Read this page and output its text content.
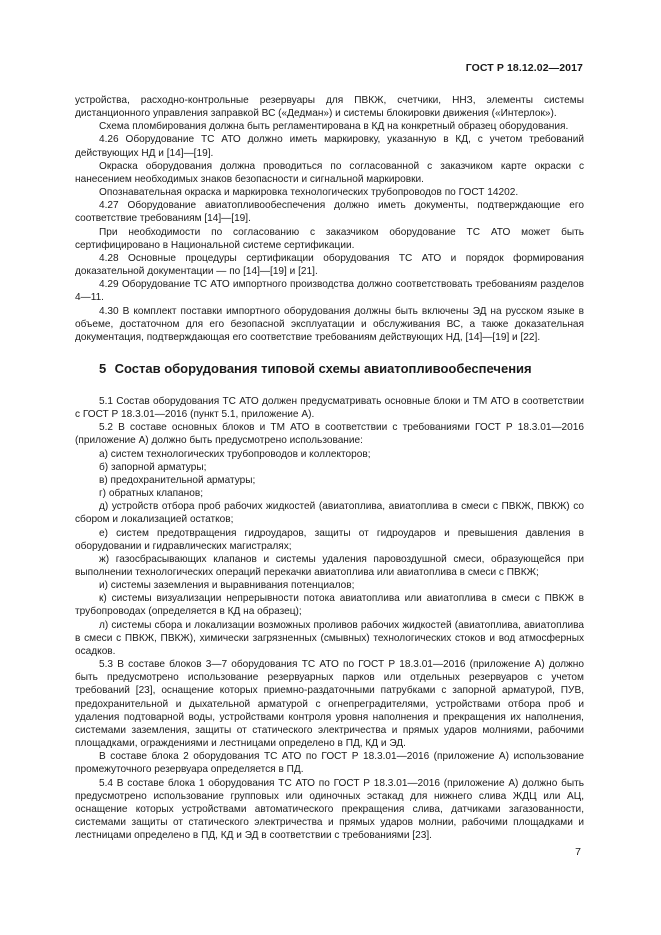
ГОСТ Р 18.12.02—2017

устройства, расходно-контрольные резервуары для ПВКЖ, счетчики, ННЗ, элементы системы дистанционного управления заправкой ВС («Дедман») и системы блокировки движения («Интерлок»).

Схема пломбирования должна быть регламентирована в КД на конкретный образец оборудования.

4.26 Оборудование ТС АТО должно иметь маркировку, указанную в КД, с учетом требований действующих НД и [14]—[19].

Окраска оборудования должна проводиться по согласованной с заказчиком карте окраски с нанесением необходимых знаков безопасности и сигнальной маркировки.

Опознавательная окраска и маркировка технологических трубопроводов по ГОСТ 14202.

4.27 Оборудование авиатопливообеспечения должно иметь документы, подтверждающие его соответствие требованиям [14]—[19].

При необходимости по согласованию с заказчиком оборудование ТС АТО может быть сертифицировано в Национальной системе сертификации.

4.28 Основные процедуры сертификации оборудования ТС АТО и порядок формирования доказательной документации — по [14]—[19] и [21].

4.29 Оборудование ТС АТО импортного производства должно соответствовать требованиям разделов 4—11.

4.30 В комплект поставки импортного оборудования должны быть включены ЭД на русском языке в объеме, достаточном для его безопасной эксплуатации и обслуживания ВС, а также доказательная документация, подтверждающая его соответствие требованиям действующих НД, [14]—[19] и [22].

5 Состав оборудования типовой схемы авиатопливообеспечения

5.1 Состав оборудования ТС АТО должен предусматривать основные блоки и ТМ АТО в соответствии с ГОСТ Р 18.3.01—2016 (пункт 5.1, приложение А).

5.2 В составе основных блоков и ТМ АТО в соответствии с требованиями ГОСТ Р 18.3.01—2016 (приложение А) должно быть предусмотрено использование:

а) систем технологических трубопроводов и коллекторов;

б) запорной арматуры;

в) предохранительной арматуры;

г) обратных клапанов;

д) устройств отбора проб рабочих жидкостей (авиатоплива, авиатоплива в смеси с ПВКЖ, ПВКЖ) со сбором и локализацией остатков;

е) систем предотвращения гидроударов, защиты от гидроударов и превышения давления в оборудовании и гидравлических магистралях;

ж) газосбрасывающих клапанов и системы удаления паровоздушной смеси, образующейся при выполнении технологических операций перекачки авиатоплива или авиатоплива в смеси с ПВКЖ;

и) системы заземления и выравнивания потенциалов;

к) системы визуализации непрерывности потока авиатоплива или авиатоплива в смеси с ПВКЖ в трубопроводах (определяется в КД на образец);

л) системы сбора и локализации возможных проливов рабочих жидкостей (авиатоплива, авиатоплива в смеси с ПВКЖ, ПВКЖ), химически загрязненных (смывных) технологических стоков и вод атмосферных осадков.

5.3 В составе блоков 3—7 оборудования ТС АТО по ГОСТ Р 18.3.01—2016 (приложение А) должно быть предусмотрено использование резервуарных парков или отдельных резервуаров с учетом требований [23], оснащение которых приемно-раздаточными патрубками с запорной арматурой, ПУВ, предохранительной и дыхательной арматурой с огнепреградителями, устройствами отбора проб и удаления подтоварной воды, устройствами контроля уровня наполнения и прекращения их наполнения, системами заземления, защиты от статического электричества и прямых ударов молниями, рабочими площадками, ограждениями и лестницами определено в ПД, КД и ЭД.

В составе блока 2 оборудования ТС АТО по ГОСТ Р 18.3.01—2016 (приложение А) использование промежуточного резервуара определяется в ПД.

5.4 В составе блока 1 оборудования ТС АТО по ГОСТ Р 18.3.01—2016 (приложение А) должно быть предусмотрено использование групповых или одиночных эстакад для нижнего слива ЖДЦ или АЦ, оснащение которых устройствами автоматического прекращения слива, датчиками загазованности, системами защиты от статического электричества и прямых ударов молнии, рабочими площадками и лестницами определено в ПД, КД и ЭД в соответствии с требованиями [23].

7
